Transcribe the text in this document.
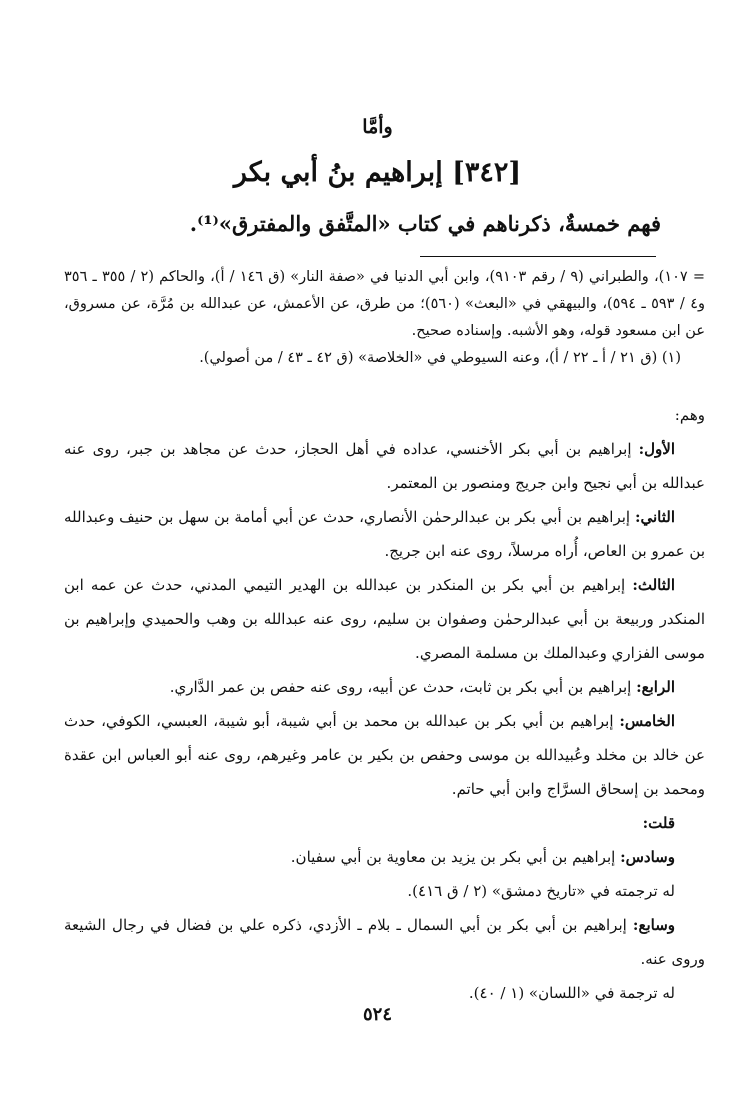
وأمَّا
[٣٤٢] إبراهيم بنُ أبي بكر
فهم خمسةٌ، ذكرناهم في كتاب «المتَّفق والمفترق»⁽¹⁾.

= ١٠٧)، والطبراني (٩ / رقم ٩١٠٣)، وابن أبي الدنيا في «صفة النار» (ق ١٤٦ / أ)، والحاكم (٢ / ٣٥٥ ـ ٣٥٦ و٤ / ٥٩٣ ـ ٥٩٤)، والبيهقي في «البعث» (٥٦٠)؛ من طرق، عن الأعمش، عن عبدالله بن مُرَّة، عن مسروق، عن ابن مسعود قوله، وهو الأشبه. وإسناده صحيح.

(١) (ق ٢١ / أ ـ ٢٢ / أ)، وعنه السيوطي في «الخلاصة» (ق ٤٢ ـ ٤٣ / من أصولي).

وهم:

الأول: إبراهيم بن أبي بكر الأخنسي، عداده في أهل الحجاز، حدث عن مجاهد بن جبر، روى عنه عبدالله بن أبي نجيح وابن جريج ومنصور بن المعتمر.

الثاني: إبراهيم بن أبي بكر بن عبدالرحمٰن الأنصاري، حدث عن أبي أمامة بن سهل بن حنيف وعبدالله بن عمرو بن العاص، أُراه مرسلاً، روى عنه ابن جريج.

الثالث: إبراهيم بن أبي بكر بن المنكدر بن عبدالله بن الهدير التيمي المدني، حدث عن عمه ابن المنكدر وربيعة بن أبي عبدالرحمٰن وصفوان بن سليم، روى عنه عبدالله بن وهب والحميدي وإبراهيم بن موسى الفزاري وعبدالملك بن مسلمة المصري.

الرابع: إبراهيم بن أبي بكر بن ثابت، حدث عن أبيه، روى عنه حفص بن عمر الدَّاري.

الخامس: إبراهيم بن أبي بكر بن عبدالله بن محمد بن أبي شيبة، أبو شيبة، العبسي، الكوفي، حدث عن خالد بن مخلد وعُبيدالله بن موسى وحفص بن بكير بن عامر وغيرهم، روى عنه أبو العباس ابن عقدة ومحمد بن إسحاق السرَّاج وابن أبي حاتم.

قلت:

وسادس: إبراهيم بن أبي بكر بن يزيد بن معاوية بن أبي سفيان.

له ترجمته في «تاريخ دمشق» (٢ / ق ٤١٦).

وسابع: إبراهيم بن أبي بكر بن أبي السمال ـ بلام ـ الأزدي، ذكره علي بن فضال في رجال الشيعة وروى عنه.

له ترجمة في «اللسان» (١ / ٤٠).

٥٢٤
